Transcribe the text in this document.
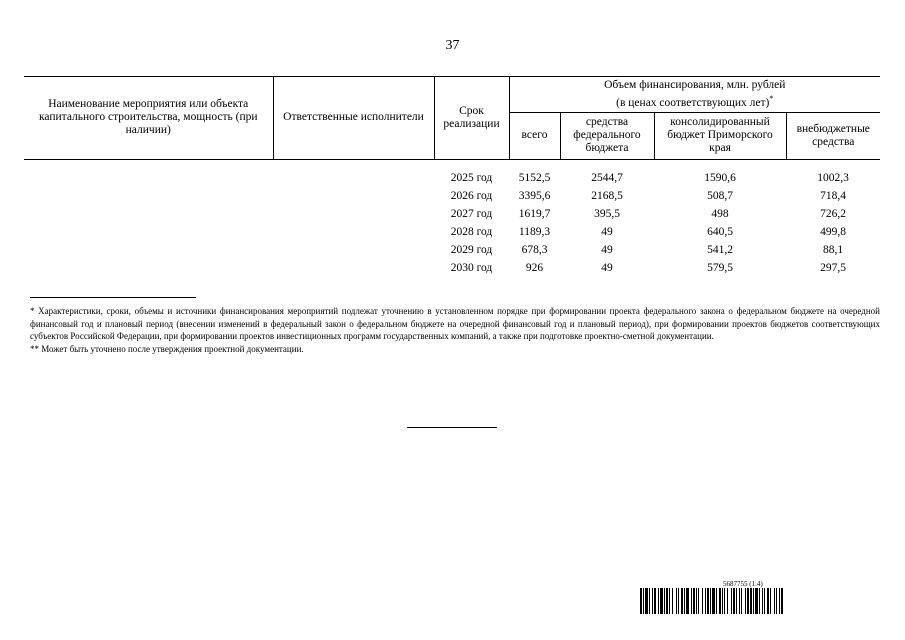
37
Наименование мероприятия или объекта капитального строительства, мощность (при наличии)	Ответственные исполнители	Срок реализации	Объем финансирования, млн. рублей
(в ценах соответствующих лет)*
			всего	средства федерального бюджета	консолидированный бюджет Приморского края	внебюджетные средства

		2025 год	5152,5	2544,7	1590,6	1002,3
		2026 год	3395,6	2168,5	508,7	718,4
		2027 год	1619,7	395,5	498	726,2
		2028 год	1189,3	49	640,5	499,8
		2029 год	678,3	49	541,2	88,1
		2030 год	926	49	579,5	297,5

* Характеристики, сроки, объемы и источники финансирования мероприятий подлежат уточнению в установленном порядке при формировании проекта федерального закона о федеральном бюджете на очередной финансовый год и плановый период (внесении изменений в федеральный закон о федеральном бюджете на очередной финансовый год и плановый период), при формировании проектов бюджетов соответствующих субъектов Российской Федерации, при формировании проектов инвестиционных программ государственных компаний, а также при подготовке проектно-сметной документации.

** Может быть уточнено после утверждения проектной документации.

5687755 (1.4)
